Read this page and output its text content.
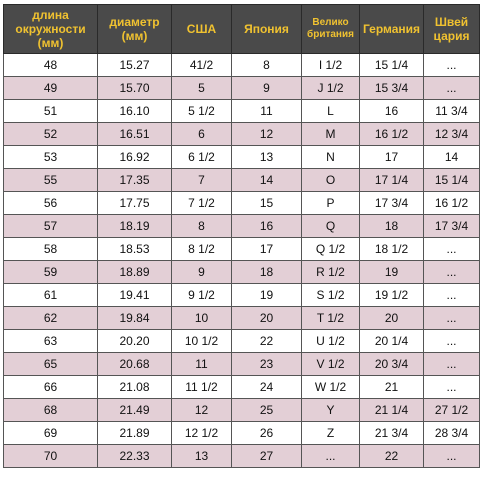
длина окружности (мм)	диаметр (мм)	США	Япония	Велико британия	Германия	Швей цария
48	15.27	41/2	8	I 1/2	15 1/4	...
49	15.70	5	9	J 1/2	15 3/4	...
51	16.10	5 1/2	11	L	16	11 3/4
52	16.51	6	12	M	16 1/2	12 3/4
53	16.92	6 1/2	13	N	17	14
55	17.35	7	14	O	17 1/4	15 1/4
56	17.75	7 1/2	15	P	17 3/4	16 1/2
57	18.19	8	16	Q	18	17 3/4
58	18.53	8 1/2	17	Q 1/2	18 1/2	...
59	18.89	9	18	R 1/2	19	...
61	19.41	9 1/2	19	S 1/2	19 1/2	...
62	19.84	10	20	T 1/2	20	...
63	20.20	10 1/2	22	U 1/2	20 1/4	...
65	20.68	11	23	V 1/2	20 3/4	...
66	21.08	11 1/2	24	W 1/2	21	...
68	21.49	12	25	Y	21 1/4	27 1/2
69	21.89	12 1/2	26	Z	21 3/4	28 3/4
70	22.33	13	27	...	22	...
